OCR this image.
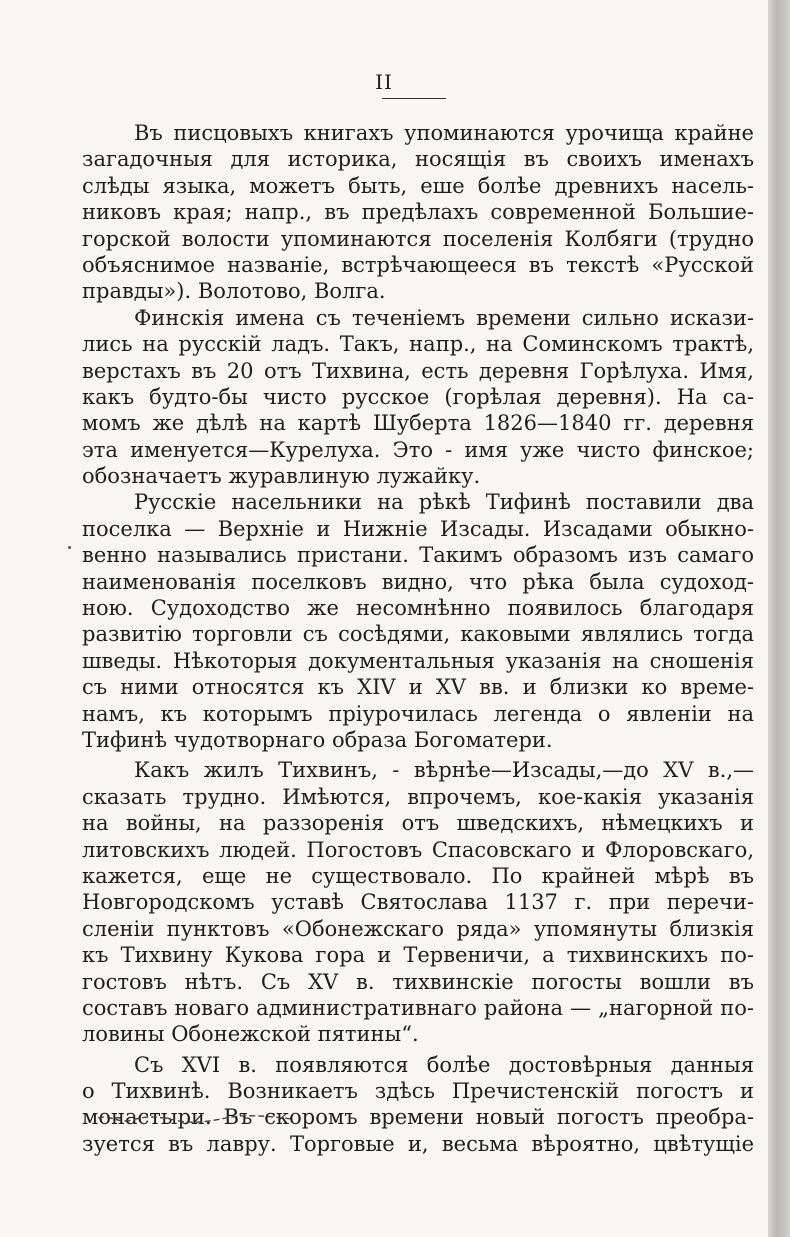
II
Въ писцовыхъ книгахъ упоминаются урочища крайне
загадочныя для историка, носящія въ своихъ именахъ
слѣды языка, можетъ быть, еше болѣе древнихъ насель-
никовъ края; напр., въ предѣлахъ современной Большие-
горской волости упоминаются поселенія Колбяги (трудно
объяснимое названіе, встрѣчающееся въ текстѣ «Русской
правды»). Волотово, Волга.
Финскія имена съ теченіемъ времени сильно искази-
лись на русскій ладъ. Такъ, напр., на Соминскомъ трактѣ,
верстахъ въ 20 отъ Тихвина, есть деревня Горѣлуха. Имя,
какъ будто-бы чисто русское (горѣлая деревня). На са-
момъ же дѣлѣ на картѣ Шуберта 1826—1840 гг. деревня
эта именуется—Курелуха. Это - имя уже чисто финское;
обозначаетъ журавлиную лужайку.
Русскіе насельники на рѣкѣ Тифинѣ поставили два
поселка — Верхніе и Нижніе Изсады. Изсадами обыкно-
венно назывались пристани. Такимъ образомъ изъ самаго
наименованія поселковъ видно, что рѣка была судоход-
ною. Судоходство же несомнѣнно появилось благодаря
развитію торговли съ сосѣдями, каковыми являлись тогда
шведы. Нѣкоторыя документальныя указанія на сношенія
съ ними относятся къ XIV и XV вв. и близки ко време-
намъ, къ которымъ пріурочилась легенда о явленіи на
Тифинѣ чудотворнаго образа Богоматери.
Какъ жилъ Тихвинъ, - вѣрнѣе—Изсады,—до XV в.,—
сказать трудно. Имѣются, впрочемъ, кое-какія указанія
на войны, на раззоренія отъ шведскихъ, нѣмецкихъ и
литовскихъ людей. Погостовъ Спасовскаго и Флоровскаго,
кажется, еще не существовало. По крайней мѣрѣ въ
Новгородскомъ уставѣ Святослава 1137 г. при перечи-
сленіи пунктовъ «Обонежскаго ряда» упомянуты близкія
къ Тихвину Кукова гора и Тервеничи, а тихвинскихъ по-
гостовъ нѣтъ. Съ XV в. тихвинскіе погосты вошли въ
составъ новаго административнаго района — „нагорной по-
ловины Обонежской пятины“.
Съ XVI в. появляются болѣе достовѣрныя данныя
о Тихвинѣ. Возникаетъ здѣсь Пречистенскій погостъ и
монастыри. Въ скоромъ времени новый погостъ преобра-
зуется въ лавру. Торговые и, весьма вѣроятно, цвѣтущіе
